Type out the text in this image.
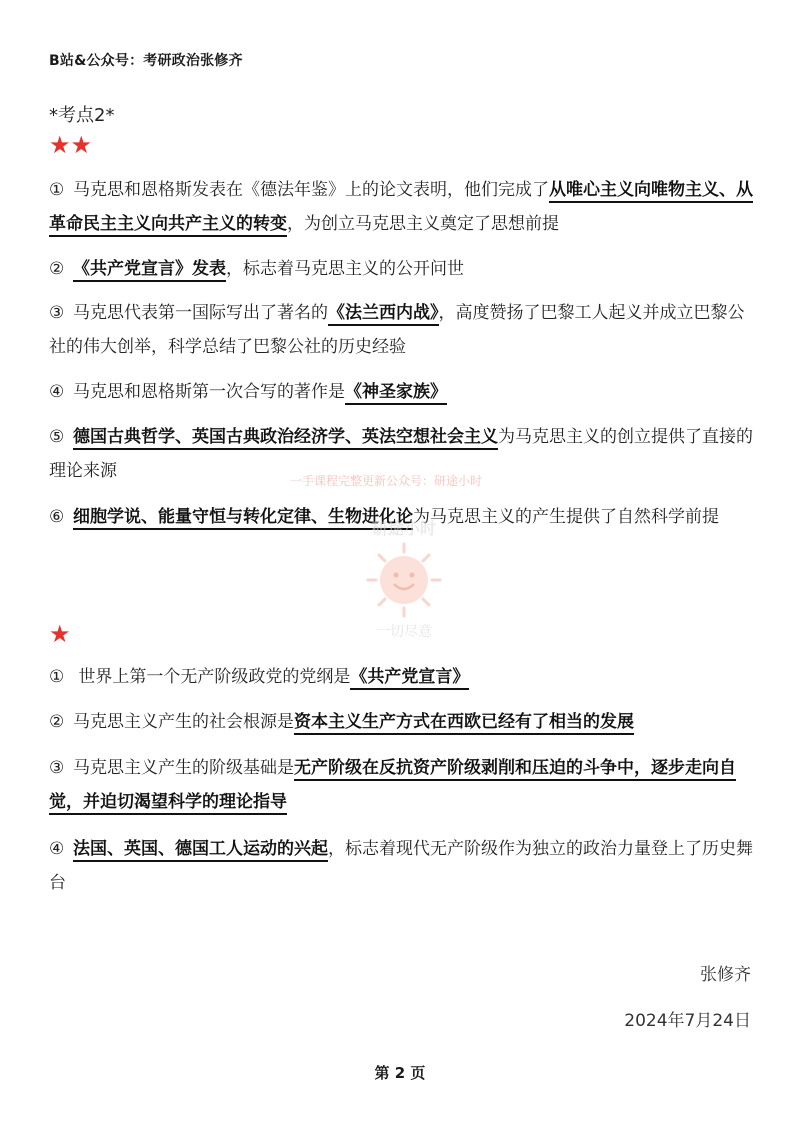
B站&公众号：考研政治张修齐
*考点2*
★★
① 马克思和恩格斯发表在《德法年鉴》上的论文表明，他们完成了从唯心主义向唯物主义、从革命民主主义向共产主义的转变，为创立马克思主义奠定了思想前提
② 《共产党宣言》发表，标志着马克思主义的公开问世
③ 马克思代表第一国际写出了著名的《法兰西内战》，高度赞扬了巴黎工人起义并成立巴黎公社的伟大创举，科学总结了巴黎公社的历史经验
④ 马克思和恩格斯第一次合写的著作是《神圣家族》
⑤ 德国古典哲学、英国古典政治经济学、英法空想社会主义为马克思主义的创立提供了直接的理论来源
⑥ 细胞学说、能量守恒与转化定律、生物进化论为马克思主义的产生提供了自然科学前提
★
① 世界上第一个无产阶级政党的党纲是《共产党宣言》
② 马克思主义产生的社会根源是资本主义生产方式在西欧已经有了相当的发展
③ 马克思主义产生的阶级基础是无产阶级在反抗资产阶级剥削和压迫的斗争中，逐步走向自觉，并迫切渴望科学的理论指导
④ 法国、英国、德国工人运动的兴起，标志着现代无产阶级作为独立的政治力量登上了历史舞台
一手课程完整更新公众号：研途小时
研途小时
一切尽意
张修齐
2024年7月24日
第 2 页
